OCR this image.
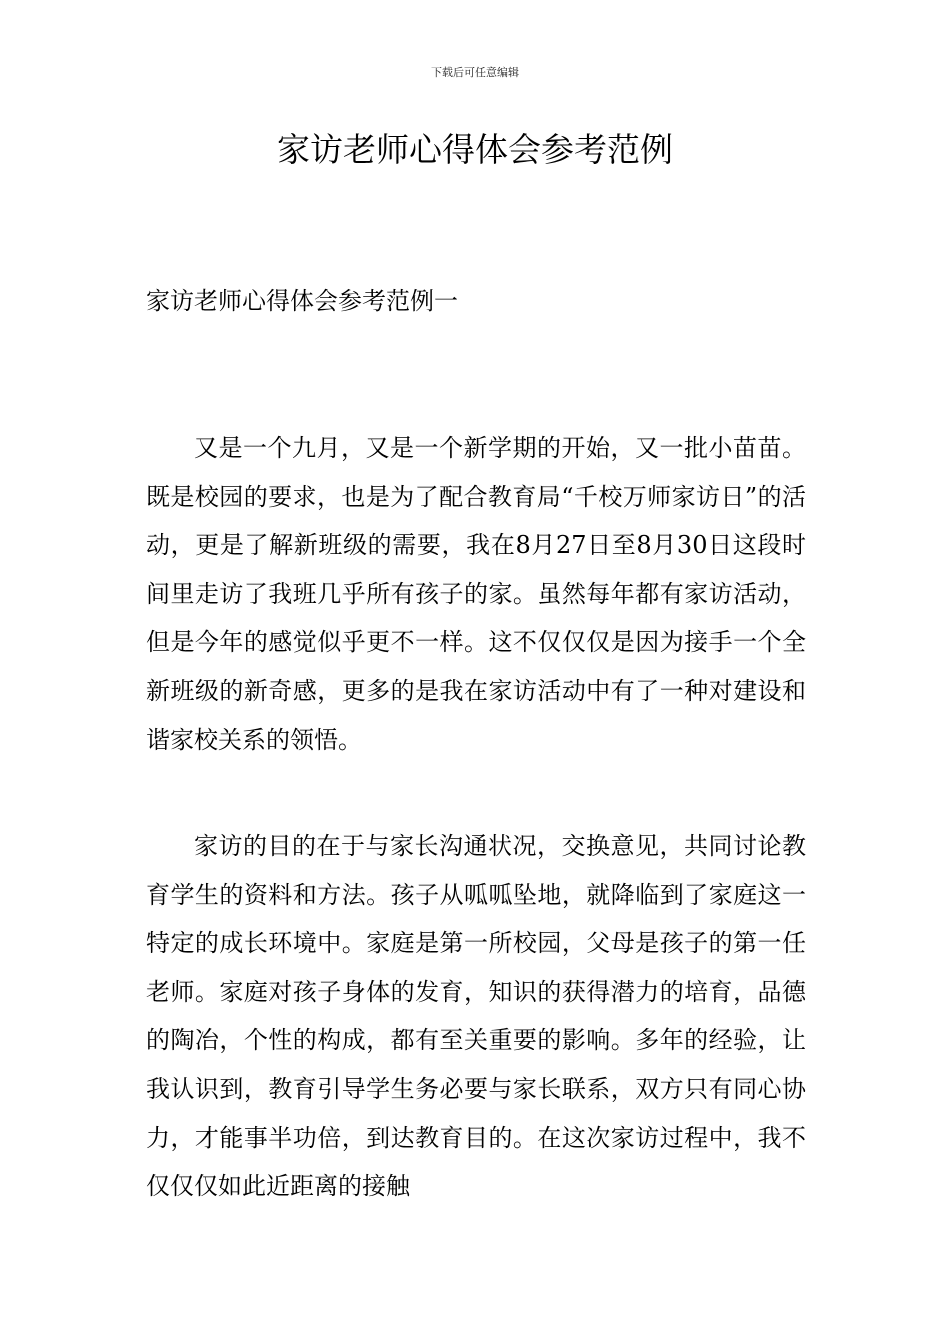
下载后可任意编辑
家访老师心得体会参考范例
家访老师心得体会参考范例一

又是一个九月，又是一个新学期的开始，又一批小苗苗。既是校园的要求，也是为了配合教育局“千校万师家访日”的活动，更是了解新班级的需要，我在8月27日至8月30日这段时间里走访了我班几乎所有孩子的家。虽然每年都有家访活动，但是今年的感觉似乎更不一样。这不仅仅仅是因为接手一个全新班级的新奇感，更多的是我在家访活动中有了一种对建设和谐家校关系的领悟。

家访的目的在于与家长沟通状况，交换意见，共同讨论教育学生的资料和方法。孩子从呱呱坠地，就降临到了家庭这一特定的成长环境中。家庭是第一所校园，父母是孩子的第一任老师。家庭对孩子身体的发育，知识的获得潜力的培育，品德的陶冶，个性的构成，都有至关重要的影响。多年的经验，让我认识到，教育引导学生务必要与家长联系，双方只有同心协力，才能事半功倍，到达教育目的。在这次家访过程中，我不仅仅仅如此近距离的接触
